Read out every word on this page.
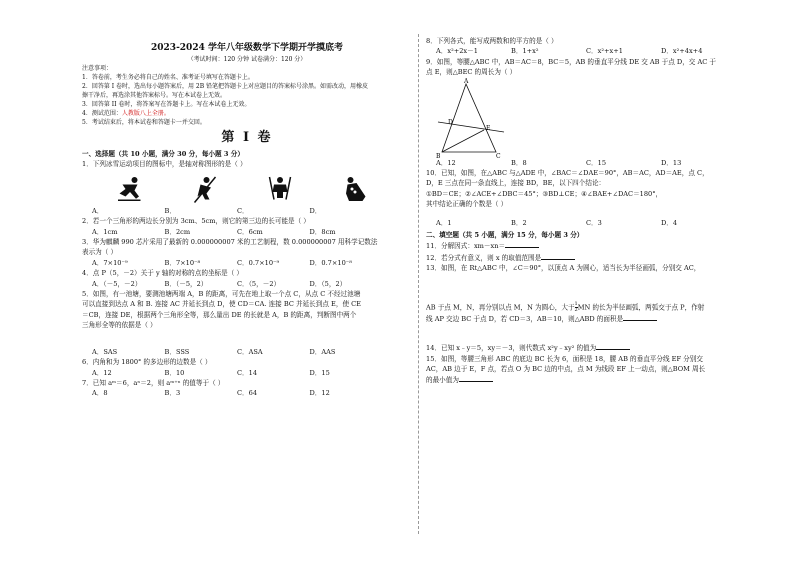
2023-2024 学年八年级数学下学期开学摸底考
（考试时间：120 分钟 试卷满分：120 分）

注意事项：

1．答卷前，考生务必将自己的姓名、准考证号填写在答题卡上。

2．回答第 I 卷时，选出每小题答案后，用 2B 铅笔把答题卡上对应题目的答案标号涂黑。如需改动，用橡皮

擦干净后，再选涂其他答案标号。写在本试卷上无效。

3．回答第 II 卷时，将答案写在答题卡上。写在本试卷上无效。

4．测试范围：人教版八上全册。

5．考试结束后，将本试卷和答题卡一并交回。

第 I 卷

一、选择题（共 10 小题，满分 30 分，每小题 3 分）

1．下列冰雪运动项目的图标中，是轴对称图形的是（ ）

A．	B．	C．	D．

2．若一个三角形的两边长分别为 3cm、5cm，则它的第三边的长可能是（ ）

A．1cm	B．2cm	C．6cm	D．8cm

3．华为麒麟 990 芯片采用了最新的 0.000000007 米的工艺制程，数 0.000000007 用科学记数法

表示为（ ）

A．7×10⁻⁹	B．7×10⁻⁸	C．0.7×10⁻⁹	D．0.7×10⁻⁸

4．点 P（5，－2）关于 y 轴的对称的点的坐标是（ ）

A．（－5，－2）	B．（－5，2）	C．（5，－2）	D．（5，2）

5．如图，有一池塘，要测池塘两端 A，B 的距离，可先在地上取一个点 C，从点 C 不经过池塘

可以直接到达点 A 和 B. 连接 AC 并延长到点 D，使 CD＝CA. 连接 BC 并延长到点 E，使 CE

＝CB，连接 DE，根据两个三角形全等，那么量出 DE 的长就是 A，B 的距离，判断图中两个

三角形全等的依据是（ ）

A．SAS	B．SSS	C．ASA	D．AAS

6．内角和为 1800° 的多边形的边数是（ ）

A．12	B．10	C．14	D．15

7．已知 aᵐ＝6，aⁿ＝2，则 aᵐ⁺ⁿ 的值等于（ ）

A．8	B．3	C．64	D．12

8．下列各式，能写成两数和的平方的是（ ）

A．x²+2x－1	B．1+x²	C．x²+x+1	D．x²+4x+4

9．如图，等腰△ABC 中，AB＝AC＝8，BC＝5，AB 的垂直平分线 DE 交 AB 于点 D，交 AC 于

点 E，则△BEC 的周长为（ ）

A
B	C
D
E
A．12	B．8	C．15	D．13

10．已知，如图，在△ABC 与△ADE 中，∠BAC＝∠DAE＝90°，AB＝AC，AD＝AE，点 C，

D，E 三点在同一条直线上，连接 BD，BE，以下四个结论：

①BD＝CE；②∠ACE+∠DBC＝45°；③BD⊥CE；④∠BAE+∠DAC＝180°，

其中结论正确的个数是（ ）

A．1	B．2	C．3	D．4

二、填空题（共 5 小题，满分 15 分，每小题 3 分）

11．分解因式：xm－xn＝

12．若分式有意义，则 x 的取值范围是

13．如图，在 Rt△ABC 中，∠C＝90°，以顶点 A 为圆心，适当长为半径画弧，分别交 AC，

AB 于点 M，N，再分别以点 M，N 为圆心，大于 $\frac{1}{2}$ MN 的长为半径画弧，两弧交于点 P，作射

线 AP 交边 BC 于点 D，若 CD＝3，AB＝10，则△ABD 的面积是

14．已知 x﹣y＝5，xy＝－3，则代数式 x²y﹣xy² 的值为

15．如图，等腰三角形 ABC 的底边 BC 长为 6，面积是 18，腰 AB 的垂直平分线 EF 分别交

AC，AB 边于 E，F 点，若点 O 为 BC 边的中点，点 M 为线段 EF 上一动点，则△BOM 周长

的最小值为
